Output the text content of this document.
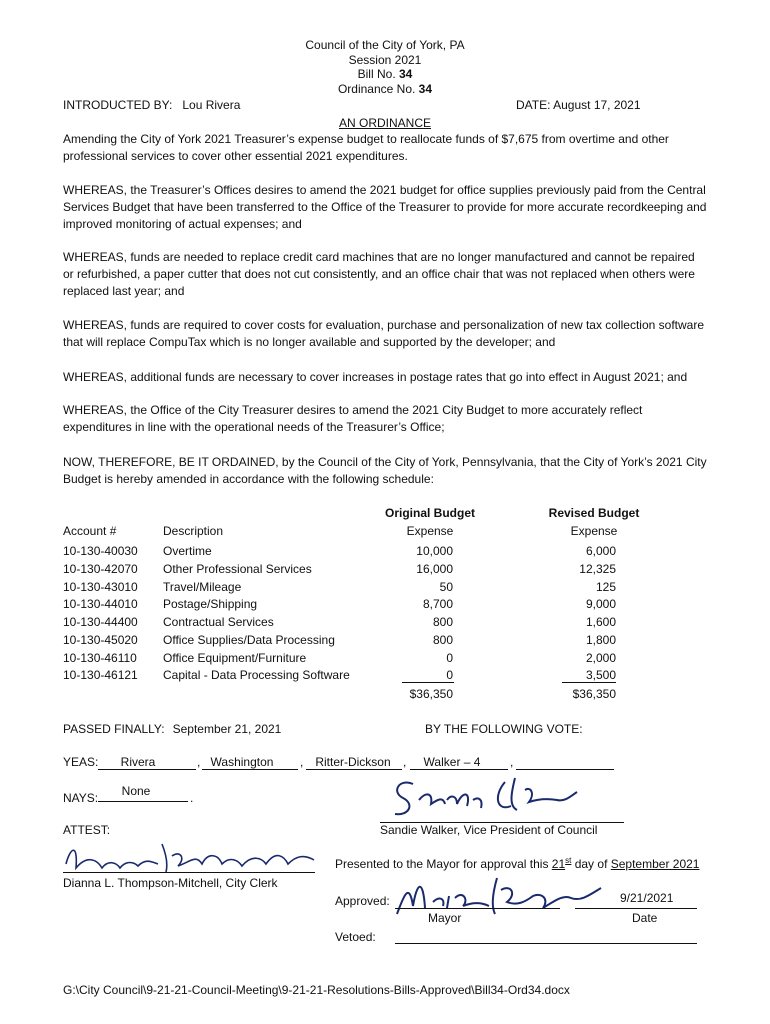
Council of the City of York, PA
Session 2021
Bill No. 34
Ordinance No. 34
INTRODUCTED BY: Lou Rivera	DATE: August 17, 2021
AN ORDINANCE
Amending the City of York 2021 Treasurer’s expense budget to reallocate funds of $7,675 from overtime and other professional services to cover other essential 2021 expenditures.
WHEREAS, the Treasurer’s Offices desires to amend the 2021 budget for office supplies previously paid from the Central Services Budget that have been transferred to the Office of the Treasurer to provide for more accurate recordkeeping and improved monitoring of actual expenses; and
WHEREAS, funds are needed to replace credit card machines that are no longer manufactured and cannot be repaired or refurbished, a paper cutter that does not cut consistently, and an office chair that was not replaced when others were replaced last year; and
WHEREAS, funds are required to cover costs for evaluation, purchase and personalization of new tax collection software that will replace CompuTax which is no longer available and supported by the developer; and
WHEREAS, additional funds are necessary to cover increases in postage rates that go into effect in August 2021; and
WHEREAS, the Office of the City Treasurer desires to amend the 2021 City Budget to more accurately reflect expenditures in line with the operational needs of the Treasurer’s Office;
NOW, THEREFORE, BE IT ORDAINED, by the Council of the City of York, Pennsylvania, that the City of York’s 2021 City Budget is hereby amended in accordance with the following schedule:
Original Budget	Revised Budget
Account #	Description	Expense	Expense
10-130-40030 Overtime	10,000	6,000
10-130-42070 Other Professional Services	16,000	12,325
10-130-43010 Travel/Mileage	50	125
10-130-44010 Postage/Shipping	8,700	9,000
10-130-44400 Contractual Services	800	1,600
10-130-45020 Office Supplies/Data Processing	800	1,800
10-130-46110 Office Equipment/Furniture	0	2,000
10-130-46121 Capital - Data Processing Software	0	3,500
$36,350	$36,350
PASSED FINALLY: September 21, 2021	BY THE FOLLOWING VOTE:
YEAS:	Rivera	, Washington	, Ritter-Dickson	,	Walker – 4	,
NAYS:	None	.
Sandie Walker, Vice President of Council
ATTEST:
Dianna L. Thompson-Mitchell, City Clerk
Presented to the Mayor for approval this 21st day of September 2021
Approved:
Mayor
9/21/2021
Date
Vetoed:
G:\City Council\9-21-21-Council-Meeting\9-21-21-Resolutions-Bills-Approved\Bill34-Ord34.docx
